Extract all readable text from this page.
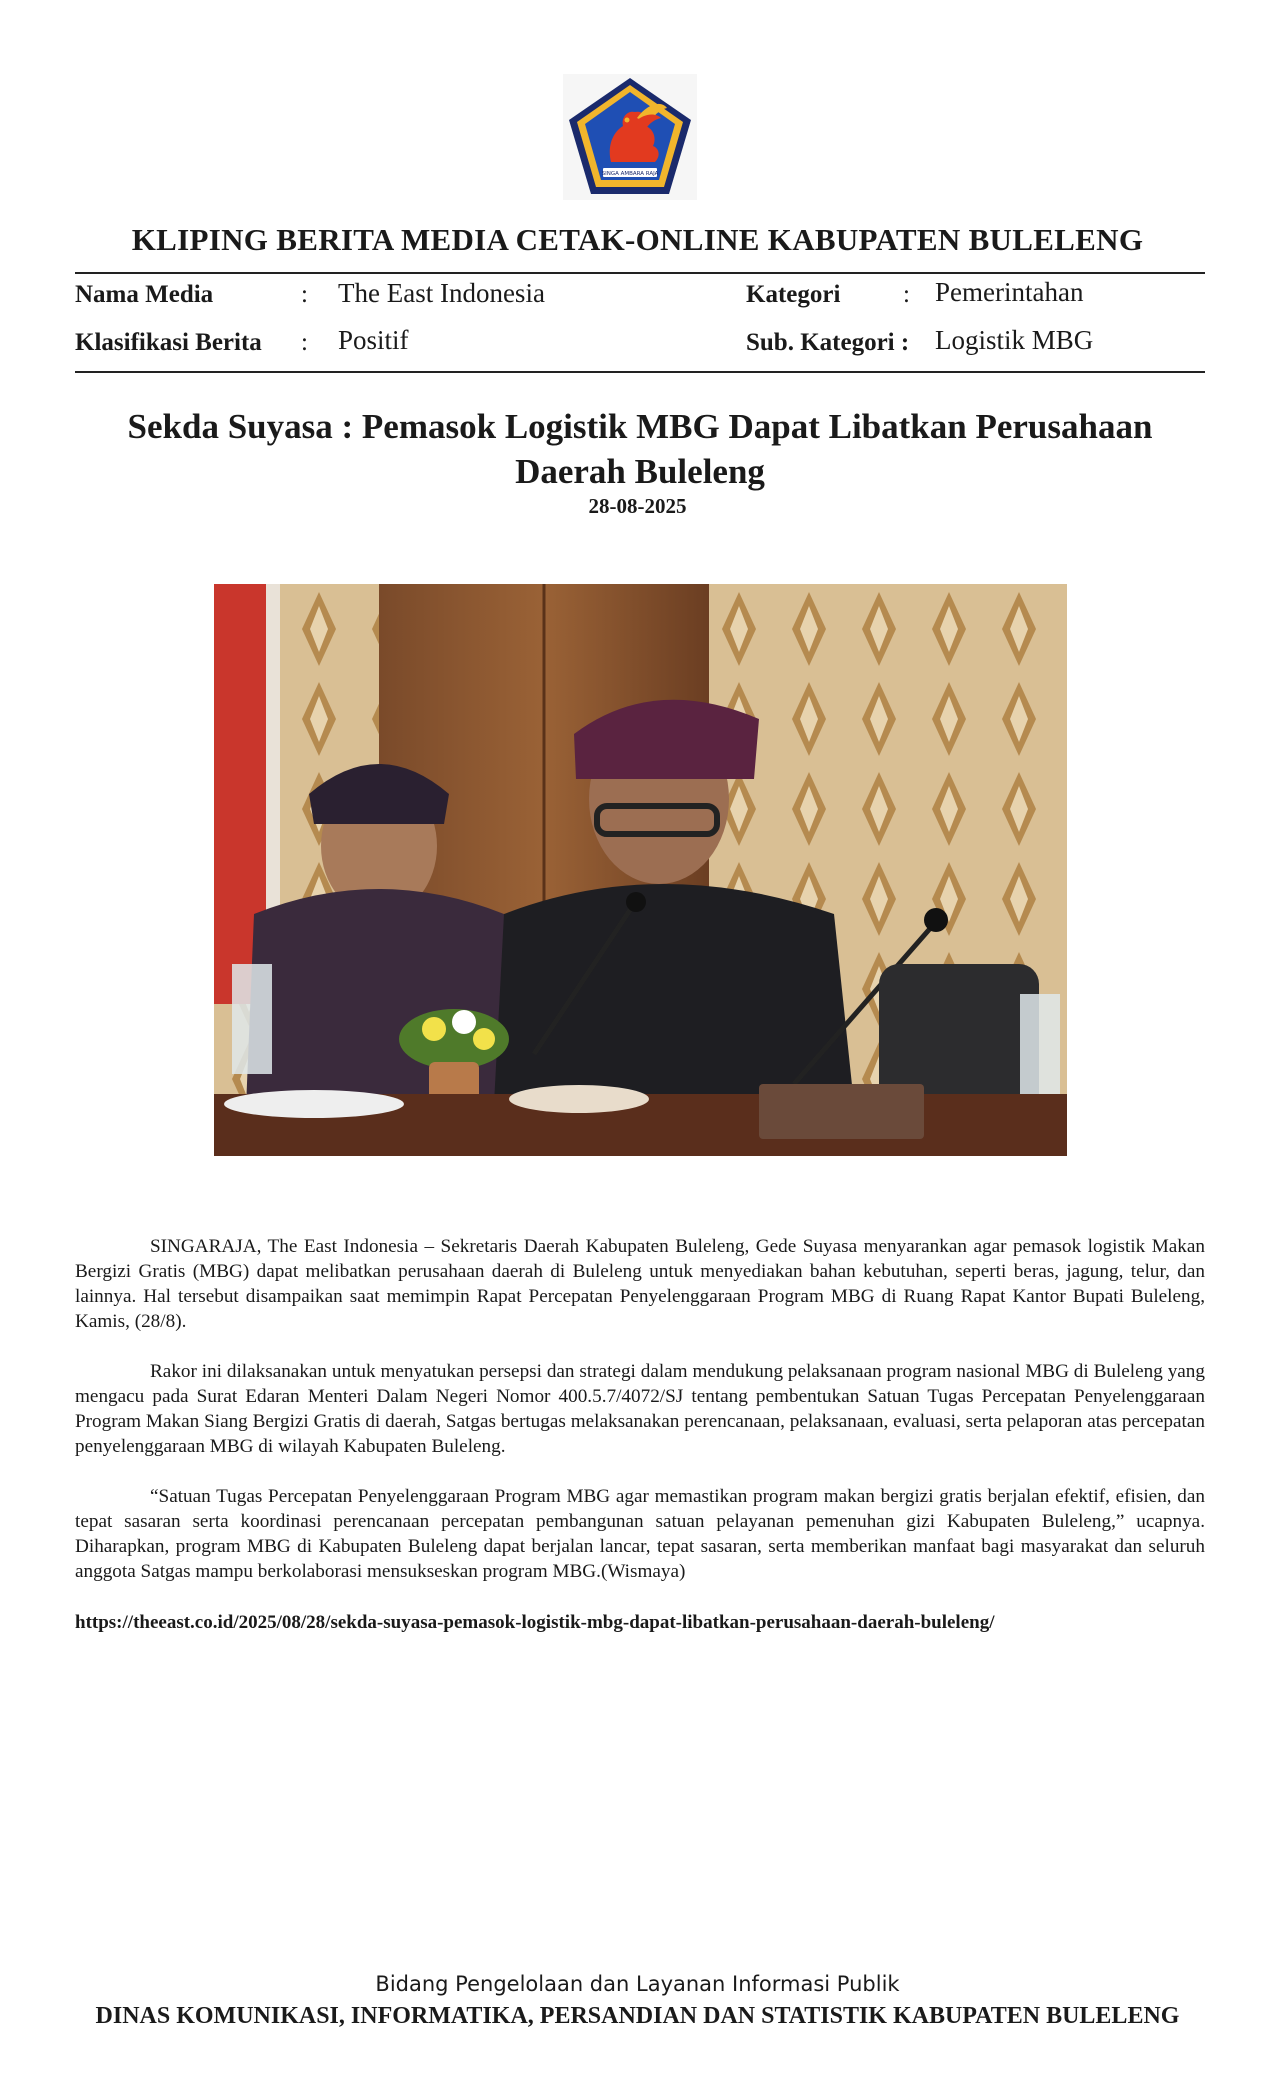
SINGA AMBARA RAJA
KLIPING BERITA MEDIA CETAK-ONLINE KABUPATEN BULELENG
Nama Media	: The East Indonesia	Kategori	: Pemerintahan
Klasifikasi Berita : Positif	Sub. Kategori : Logistik MBG
Sekda Suyasa : Pemasok Logistik MBG Dapat Libatkan Perusahaan
Daerah Buleleng
28-08-2025

SINGARAJA, The East Indonesia – Sekretaris Daerah Kabupaten Buleleng, Gede Suyasa menyarankan agar pemasok logistik Makan Bergizi Gratis (MBG) dapat melibatkan perusahaan daerah di Buleleng untuk menyediakan bahan kebutuhan, seperti beras, jagung, telur, dan lainnya. Hal tersebut disampaikan saat memimpin Rapat Percepatan Penyelenggaraan Program MBG di Ruang Rapat Kantor Bupati Buleleng, Kamis, (28/8).

Rakor ini dilaksanakan untuk menyatukan persepsi dan strategi dalam mendukung pelaksanaan program nasional MBG di Buleleng yang mengacu pada Surat Edaran Menteri Dalam Negeri Nomor 400.5.7/4072/SJ tentang pembentukan Satuan Tugas Percepatan Penyelenggaraan Program Makan Siang Bergizi Gratis di daerah, Satgas bertugas melaksanakan perencanaan, pelaksanaan, evaluasi, serta pelaporan atas percepatan penyelenggaraan MBG di wilayah Kabupaten Buleleng.

“Satuan Tugas Percepatan Penyelenggaraan Program MBG agar memastikan program makan bergizi gratis berjalan efektif, efisien, dan tepat sasaran serta koordinasi perencanaan percepatan pembangunan satuan pelayanan pemenuhan gizi Kabupaten Buleleng,” ucapnya. Diharapkan, program MBG di Kabupaten Buleleng dapat berjalan lancar, tepat sasaran, serta memberikan manfaat bagi masyarakat dan seluruh anggota Satgas mampu berkolaborasi mensukseskan program MBG.(Wismaya)

https://theeast.co.id/2025/08/28/sekda-suyasa-pemasok-logistik-mbg-dapat-libatkan-perusahaan-daerah-buleleng/
Bidang Pengelolaan dan Layanan Informasi Publik
DINAS KOMUNIKASI, INFORMATIKA, PERSANDIAN DAN STATISTIK KABUPATEN BULELENG
